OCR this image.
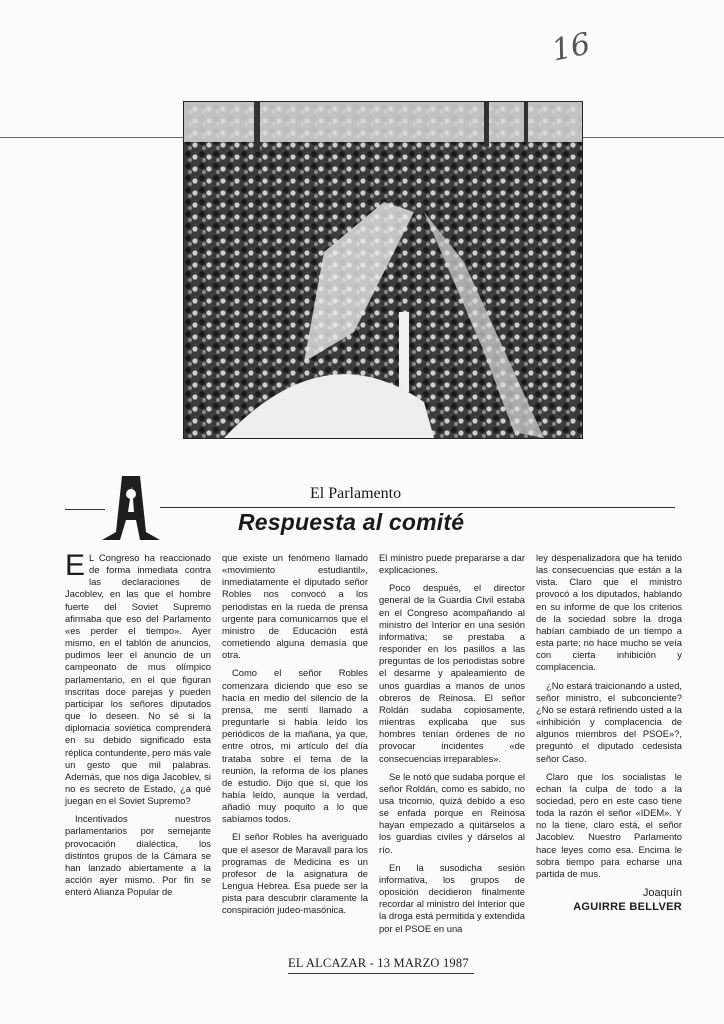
16
El Parlamento
Respuesta al comité

E L Congreso ha reaccionado de forma inmediata contra las declaraciones de Jacoblev, en las que el hombre fuerte del Soviet Supremo afirmaba que eso del Parlamento «es perder el tiempo». Ayer mismo, en el tablón de anuncios, pudimos leer el anuncio de un campeonato de mus olímpico parlamentario, en el que figuran inscritas doce parejas y pueden participar los señores diputados que lo deseen. No sé si la diplomacia soviética comprenderá en su debido significado esta réplica contundente, pero más vale un gesto que mil palabras. Además, que nos diga Jacoblev, si no es secreto de Estado, ¿a qué juegan en el Soviet Supremo?

Incentivados nuestros parlamentarios por semejante provocación dialéctica, los distintos grupos de la Cámara se han lanzado abiertamente a la acción ayer mismo. Por fin se enteró Alianza Popular de

que existe un fenómeno llamado «movimiento estudiantil», inmediatamente el diputado señor Robles nos convocó a los periodistas en la rueda de prensa urgente para comunicarnos que el ministro de Educación está cometiendo alguna demasía que otra.

Como el señor Robles comenzara diciendo que eso se hacía en medio del silencio de la prensa, me sentí llamado a preguntarle si había leído los periódicos de la mañana, ya que, entre otros, mi artículo del día trataba sobre el tema de la reunión, la reforma de los planes de estudio. Dijo que sí, que los había leído, aunque la verdad, añadió muy poquito a lo que sabíamos todos.

El señor Robles ha averiguado que el asesor de Maravall para los programas de Medicina es un profesor de la asignatura de Lengua Hebrea. Esa puede ser la pista para descubrir claramente la conspiración judeo-masónica.

El ministro puede prepararse a dar explicaciones.

Poco después, el director general de la Guardia Civil estaba en el Congreso acompañando al ministro del Interior en una sesión informativa; se prestaba a responder en los pasillos a las preguntas de los periodistas sobre el desarme y apaleamiento de unos guardias a manos de unos obreros de Reinosa. El señor Roldán sudaba copiosamente, mientras explicaba que sus hombres tenían órdenes de no provocar incidentes «de consecuencias irreparables».

Se le notó que sudaba porque el señor Roldán, como es sabido, no usa tricornio, quizá debido a eso se enfada porque en Reinosa hayan empezado a quitárselos a los guardias civiles y dárselos al río.

En la susodicha sesión informativa, los grupos de oposición decidieron finalmente recordar al ministro del Interior que la droga está permitida y extendida por el PSOE en una

ley despenalizadora que ha tenido las consecuencias que están a la vista. Claro que el ministro provocó a los diputados, hablando en su informe de que los criterios de la sociedad sobre la droga habían cambiado de un tiempo a esta parte; no hace mucho se veía con cierta inhibición y complacencia.

¿No estará traicionando a usted, señor ministro, el subconciente? ¿No se estará refiriendo usted a la «inhibición y complacencia de algunos miembros del PSOE»?, preguntó el diputado cedesista señor Caso.

Claro que los socialistas le echan la culpa de todo a la sociedad, pero en este caso tiene toda la razón el señor «IDEM». Y no la tiene, claro está, el señor Jacoblev. Nuestro Parlamento hace leyes como esa. Encima le sobra tiempo para echarse una partida de mus.

Joaquín
AGUIRRE BELLVER
EL ALCAZAR - 13 MARZO 1987
